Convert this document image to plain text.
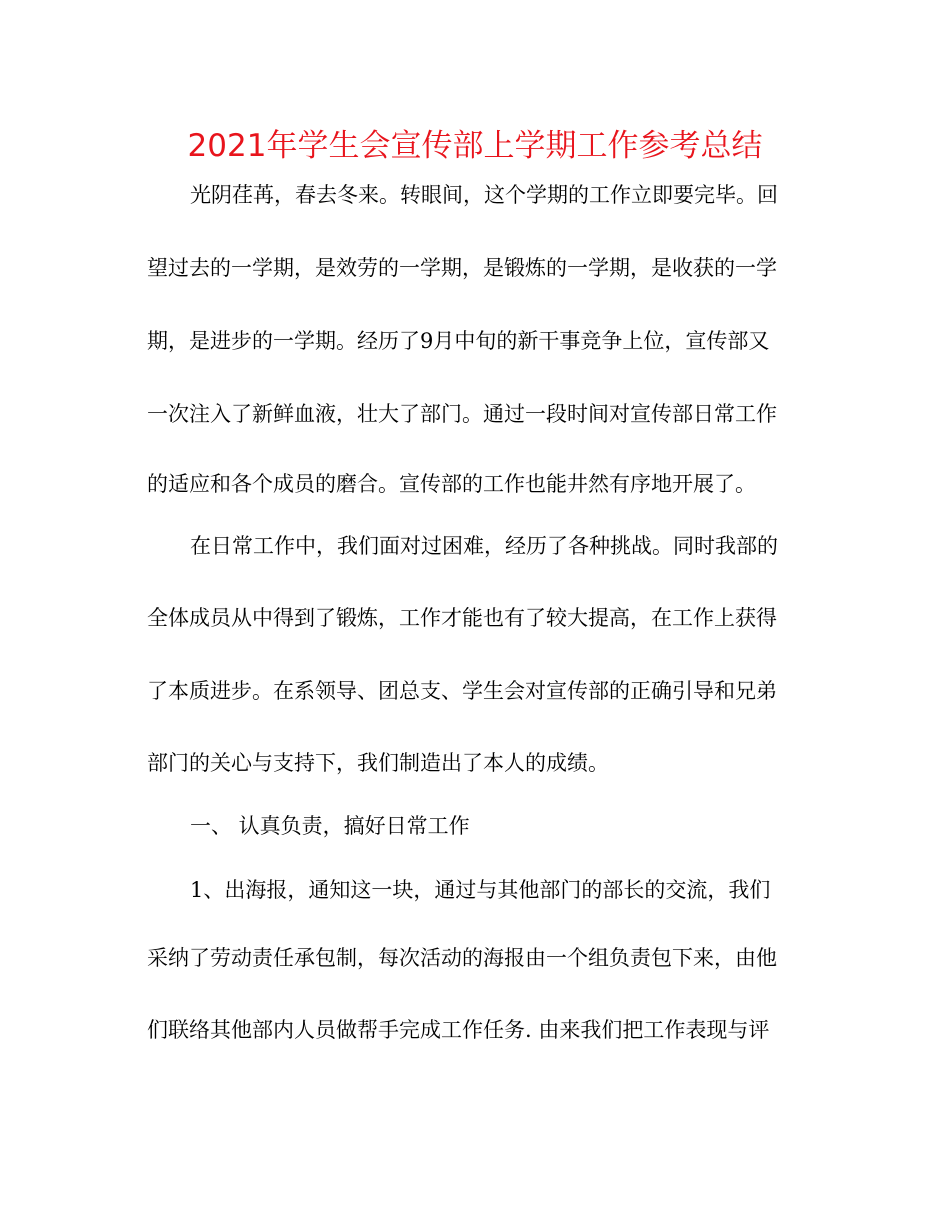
2021年学生会宣传部上学期工作参考总结
光阴荏苒，春去冬来。转眼间，这个学期的工作立即要完毕。回
望过去的一学期，是效劳的一学期，是锻炼的一学期，是收获的一学
期，是进步的一学期。经历了9月中旬的新干事竞争上位，宣传部又
一次注入了新鲜血液，壮大了部门。通过一段时间对宣传部日常工作
的适应和各个成员的磨合。宣传部的工作也能井然有序地开展了。
在日常工作中，我们面对过困难，经历了各种挑战。同时我部的
全体成员从中得到了锻炼，工作才能也有了较大提高，在工作上获得
了本质进步。在系领导、团总支、学生会对宣传部的正确引导和兄弟
部门的关心与支持下，我们制造出了本人的成绩。
一、 认真负责，搞好日常工作
1、出海报，通知这一块，通过与其他部门的部长的交流，我们
采纳了劳动责任承包制，每次活动的海报由一个组负责包下来，由他
们联络其他部内人员做帮手完成工作任务. 由来我们把工作表现与评
